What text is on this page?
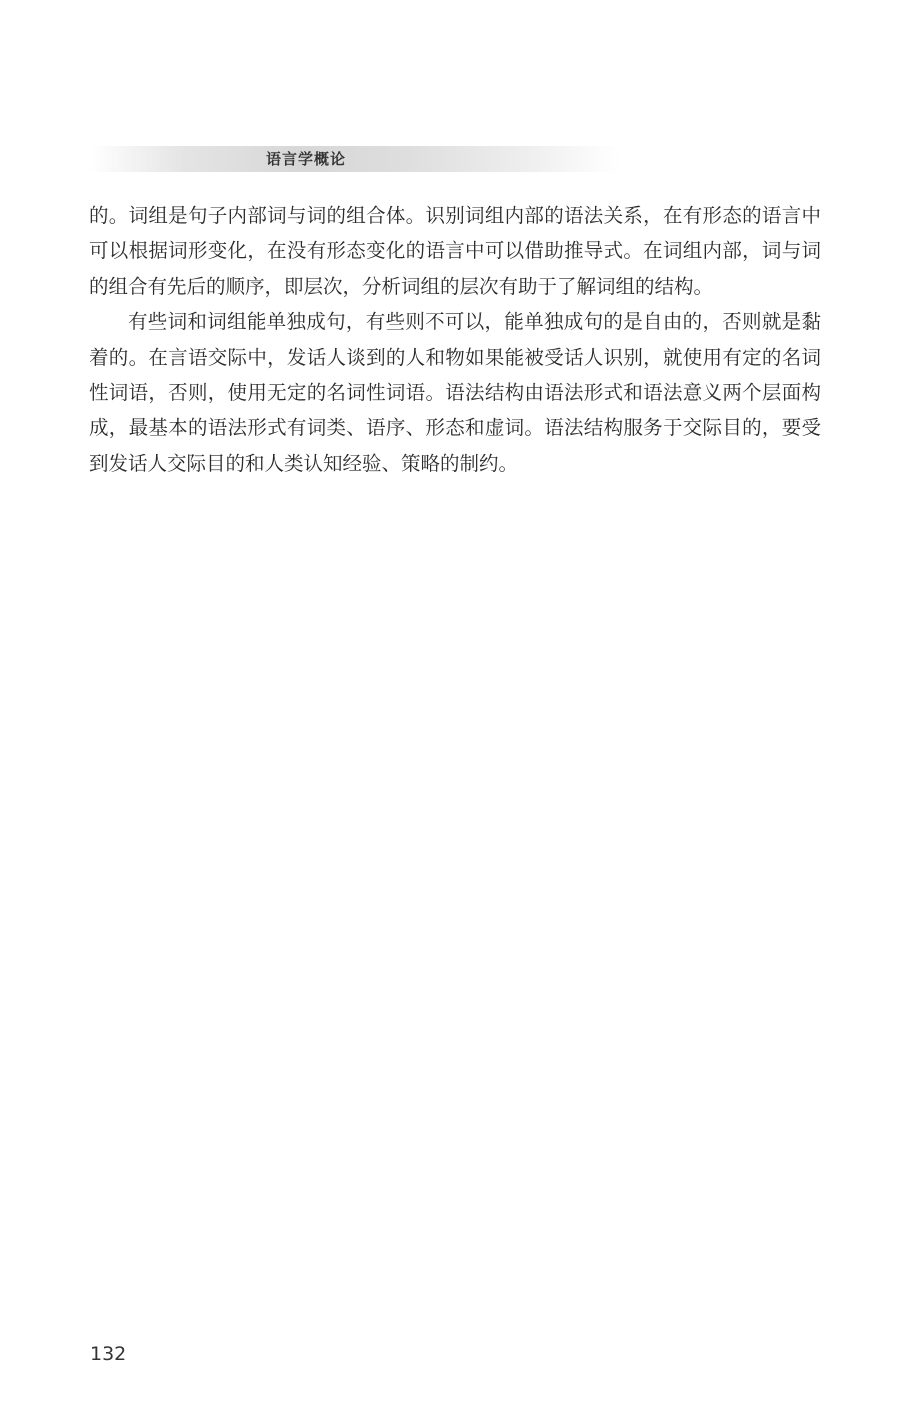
语言学概论

的。词组是句子内部词与词的组合体。识别词组内部的语法关系，在有形态的语言中可以根据词形变化，在没有形态变化的语言中可以借助推导式。在词组内部，词与词的组合有先后的顺序，即层次，分析词组的层次有助于了解词组的结构。

有些词和词组能单独成句，有些则不可以，能单独成句的是自由的，否则就是黏着的。在言语交际中，发话人谈到的人和物如果能被受话人识别，就使用有定的名词性词语，否则，使用无定的名词性词语。语法结构由语法形式和语法意义两个层面构成，最基本的语法形式有词类、语序、形态和虚词。语法结构服务于交际目的，要受到发话人交际目的和人类认知经验、策略的制约。

132
